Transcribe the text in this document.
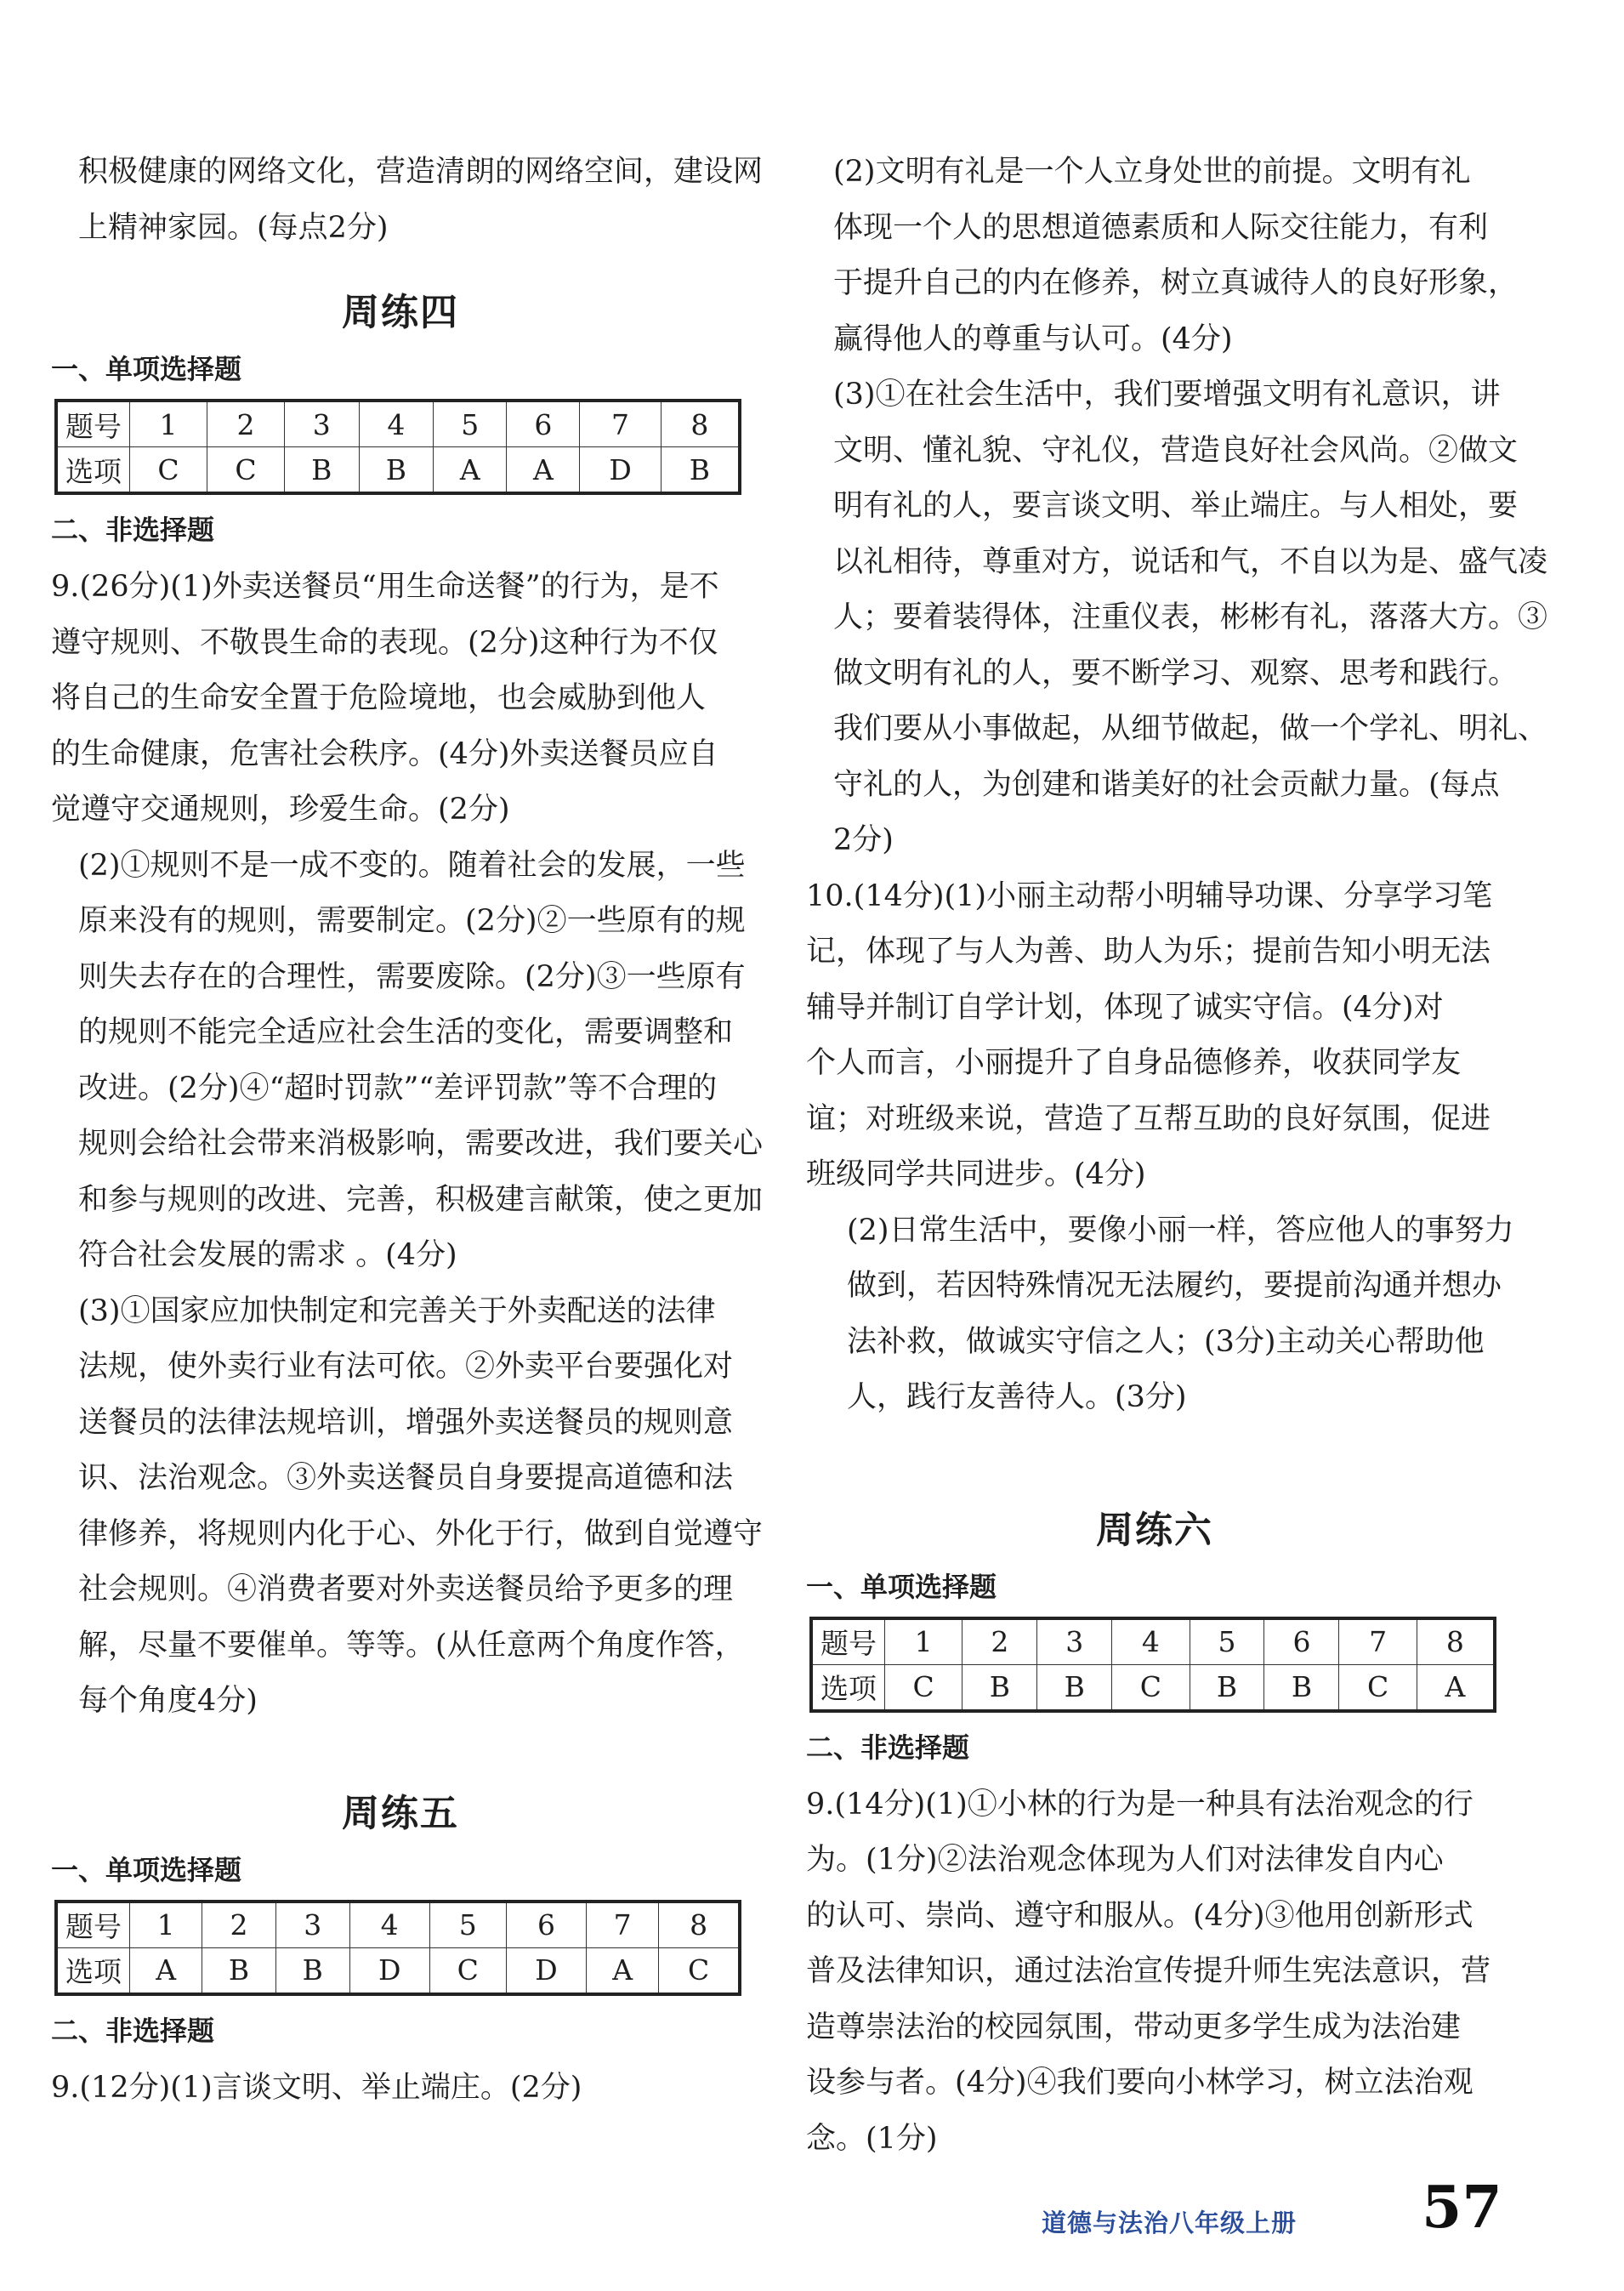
积极健康的网络文化，营造清朗的网络空间，建设网
上精神家园。(每点2分)
周练四
一、单项选择题
题号	1	2	3	4	5	6	7	8
选项	C	C	B	B	A	A	D	B
二、非选择题
9.(26分)(1)外卖送餐员“用生命送餐”的行为，是不
遵守规则、不敬畏生命的表现。(2分)这种行为不仅
将自己的生命安全置于危险境地，也会威胁到他人
的生命健康，危害社会秩序。(4分)外卖送餐员应自
觉遵守交通规则，珍爱生命。(2分)
(2)①规则不是一成不变的。随着社会的发展，一些
原来没有的规则，需要制定。(2分)②一些原有的规
则失去存在的合理性，需要废除。(2分)③一些原有
的规则不能完全适应社会生活的变化，需要调整和
改进。(2分)④“超时罚款”“差评罚款”等不合理的
规则会给社会带来消极影响，需要改进，我们要关心
和参与规则的改进、完善，积极建言献策，使之更加
符合社会发展的需求 。(4分)
(3)①国家应加快制定和完善关于外卖配送的法律
法规，使外卖行业有法可依。②外卖平台要强化对
送餐员的法律法规培训，增强外卖送餐员的规则意
识、法治观念。③外卖送餐员自身要提高道德和法
律修养，将规则内化于心、外化于行，做到自觉遵守
社会规则。④消费者要对外卖送餐员给予更多的理
解，尽量不要催单。等等。(从任意两个角度作答，
每个角度4分)
周练五
一、单项选择题
题号	1	2	3	4	5	6	7	8
选项	A	B	B	D	C	D	A	C
二、非选择题
9.(12分)(1)言谈文明、举止端庄。(2分)
(2)文明有礼是一个人立身处世的前提。文明有礼
体现一个人的思想道德素质和人际交往能力，有利
于提升自己的内在修养，树立真诚待人的良好形象，
赢得他人的尊重与认可。(4分)
(3)①在社会生活中，我们要增强文明有礼意识，讲
文明、懂礼貌、守礼仪，营造良好社会风尚。②做文
明有礼的人，要言谈文明、举止端庄。与人相处，要
以礼相待，尊重对方，说话和气，不自以为是、盛气凌
人；要着装得体，注重仪表，彬彬有礼，落落大方。③
做文明有礼的人，要不断学习、观察、思考和践行。
我们要从小事做起，从细节做起，做一个学礼、明礼、
守礼的人，为创建和谐美好的社会贡献力量。(每点
2分)
10.(14分)(1)小丽主动帮小明辅导功课、分享学习笔
记，体现了与人为善、助人为乐；提前告知小明无法
辅导并制订自学计划，体现了诚实守信。(4分)对
个人而言，小丽提升了自身品德修养，收获同学友
谊；对班级来说，营造了互帮互助的良好氛围，促进
班级同学共同进步。(4分)
(2)日常生活中，要像小丽一样，答应他人的事努力
做到，若因特殊情况无法履约，要提前沟通并想办
法补救，做诚实守信之人；(3分)主动关心帮助他
人，践行友善待人。(3分)
周练六
一、单项选择题
题号	1	2	3	4	5	6	7	8
选项	C	B	B	C	B	B	C	A
二、非选择题
9.(14分)(1)①小林的行为是一种具有法治观念的行
为。(1分)②法治观念体现为人们对法律发自内心
的认可、崇尚、遵守和服从。(4分)③他用创新形式
普及法律知识，通过法治宣传提升师生宪法意识，营
造尊崇法治的校园氛围，带动更多学生成为法治建
设参与者。(4分)④我们要向小林学习，树立法治观
念。(1分)
道德与法治八年级上册 57
